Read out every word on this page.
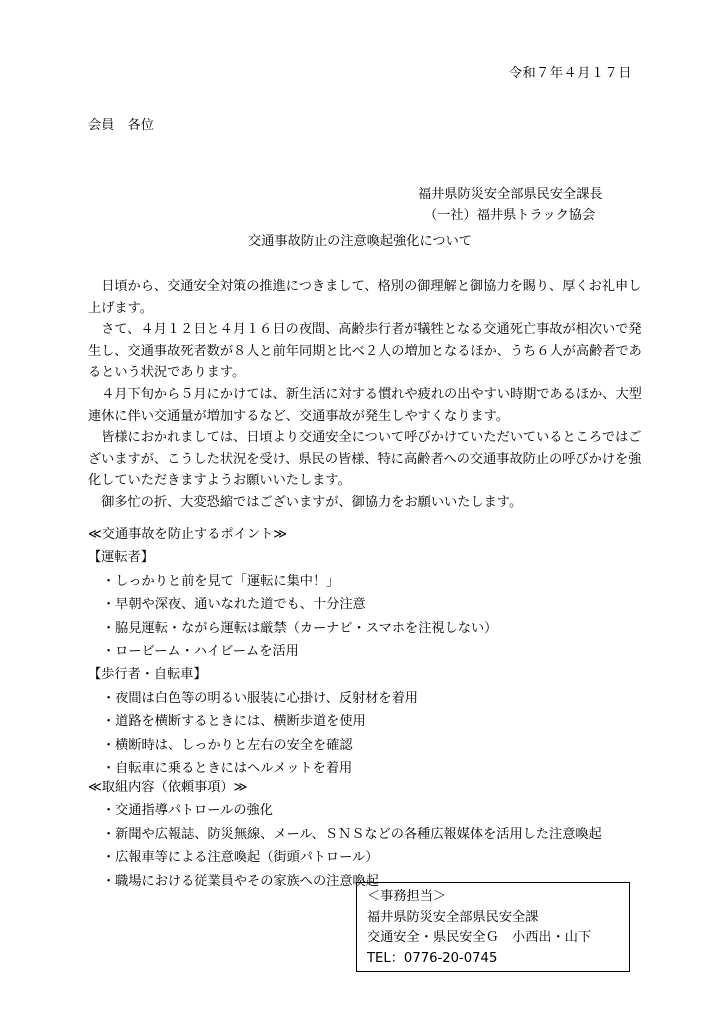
令和７年４月１７日
会員　各位
福井県防災安全部県民安全課長
（一社）福井県トラック協会
交通事故防止の注意喚起強化について

日頃から、交通安全対策の推進につきまして、格別の御理解と御協力を賜り、厚くお礼申し上げます。

さて、４月１２日と４月１６日の夜間、高齢歩行者が犠牲となる交通死亡事故が相次いで発生し、交通事故死者数が８人と前年同期と比べ２人の増加となるほか、うち６人が高齢者であるという状況であります。

４月下旬から５月にかけては、新生活に対する慣れや疲れの出やすい時期であるほか、大型連休に伴い交通量が増加するなど、交通事故が発生しやすくなります。

皆様におかれましては、日頃より交通安全について呼びかけていただいているところではございますが、こうした状況を受け、県民の皆様、特に高齢者への交通事故防止の呼びかけを強化していただきますようお願いいたします。

御多忙の折、大変恐縮ではございますが、御協力をお願いいたします。

≪交通事故を防止するポイント≫
【運転者】
・しっかりと前を見て「運転に集中！」
・早朝や深夜、通いなれた道でも、十分注意
・脇見運転・ながら運転は厳禁（カーナビ・スマホを注視しない）
・ロービーム・ハイビームを活用
【歩行者・自転車】
・夜間は白色等の明るい服装に心掛け、反射材を着用
・道路を横断するときには、横断歩道を使用
・横断時は、しっかりと左右の安全を確認
・自転車に乗るときにはヘルメットを着用
≪取組内容（依頼事項）≫
・交通指導パトロールの強化
・新聞や広報誌、防災無線、メール、ＳＮＳなどの各種広報媒体を活用した注意喚起
・広報車等による注意喚起（街頭パトロール）
・職場における従業員やその家族への注意喚起
＜事務担当＞
福井県防災安全部県民安全課
交通安全・県民安全Ｇ　小西出・山下
TEL：0776-20-0745
